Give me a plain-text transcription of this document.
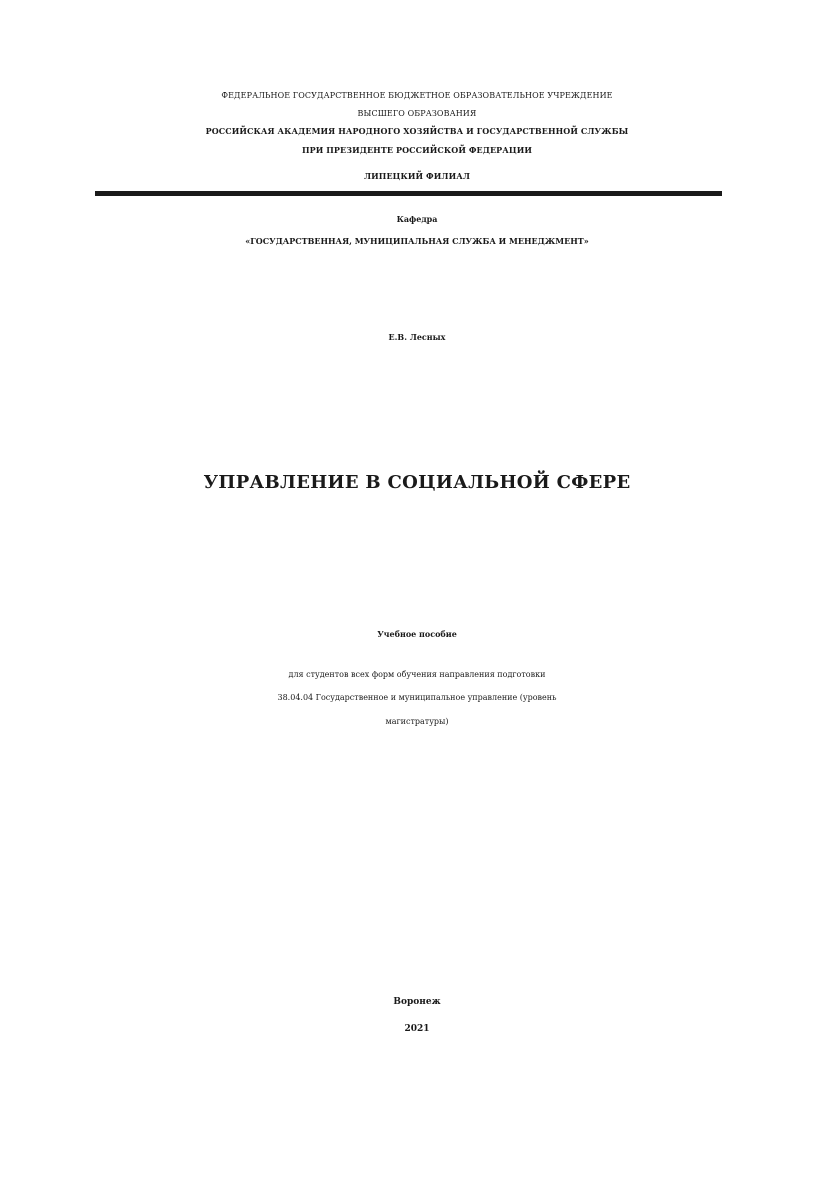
ФЕДЕРАЛЬНОЕ ГОСУДАРСТВЕННОЕ БЮДЖЕТНОЕ ОБРАЗОВАТЕЛЬНОЕ УЧРЕЖДЕНИЕ
ВЫСШЕГО ОБРАЗОВАНИЯ
РОССИЙСКАЯ АКАДЕМИЯ НАРОДНОГО ХОЗЯЙСТВА И ГОСУДАРСТВЕННОЙ СЛУЖБЫ
ПРИ ПРЕЗИДЕНТЕ РОССИЙСКОЙ ФЕДЕРАЦИИ
ЛИПЕЦКИЙ ФИЛИАЛ
Кафедра
«ГОСУДАРСТВЕННАЯ, МУНИЦИПАЛЬНАЯ СЛУЖБА И МЕНЕДЖМЕНТ»
Е.В. Лесных
УПРАВЛЕНИЕ В СОЦИАЛЬНОЙ СФЕРЕ
Учебное пособие
для студентов всех форм обучения направления подготовки
38.04.04 Государственное и муниципальное управление (уровень
магистратуры)
Воронеж
2021
